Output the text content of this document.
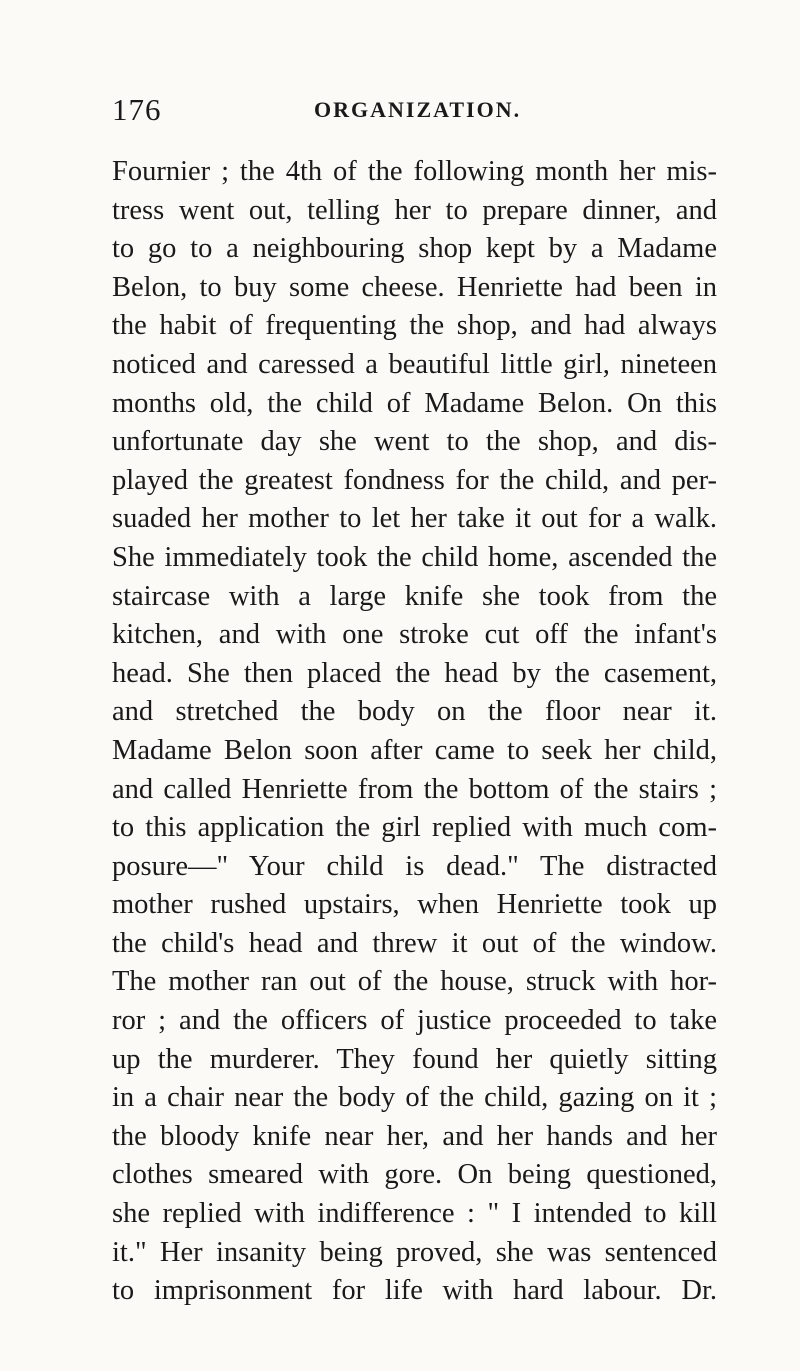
176	ORGANIZATION.
Fournier ; the 4th of the following month her mis-
tress went out, telling her to prepare dinner, and
to go to a neighbouring shop kept by a Madame
Belon, to buy some cheese. Henriette had been in
the habit of frequenting the shop, and had always
noticed and caressed a beautiful little girl, nineteen
months old, the child of Madame Belon. On this
unfortunate day she went to the shop, and dis-
played the greatest fondness for the child, and per-
suaded her mother to let her take it out for a walk.
She immediately took the child home, ascended the
staircase with a large knife she took from the
kitchen, and with one stroke cut off the infant's
head. She then placed the head by the casement,
and stretched the body on the floor near it.
Madame Belon soon after came to seek her child,
and called Henriette from the bottom of the stairs ;
to this application the girl replied with much com-
posure—" Your child is dead." The distracted
mother rushed upstairs, when Henriette took up
the child's head and threw it out of the window.
The mother ran out of the house, struck with hor-
ror ; and the officers of justice proceeded to take
up the murderer. They found her quietly sitting
in a chair near the body of the child, gazing on it ;
the bloody knife near her, and her hands and her
clothes smeared with gore. On being questioned,
she replied with indifference : " I intended to kill
it." Her insanity being proved, she was sentenced
to imprisonment for life with hard labour. Dr.
